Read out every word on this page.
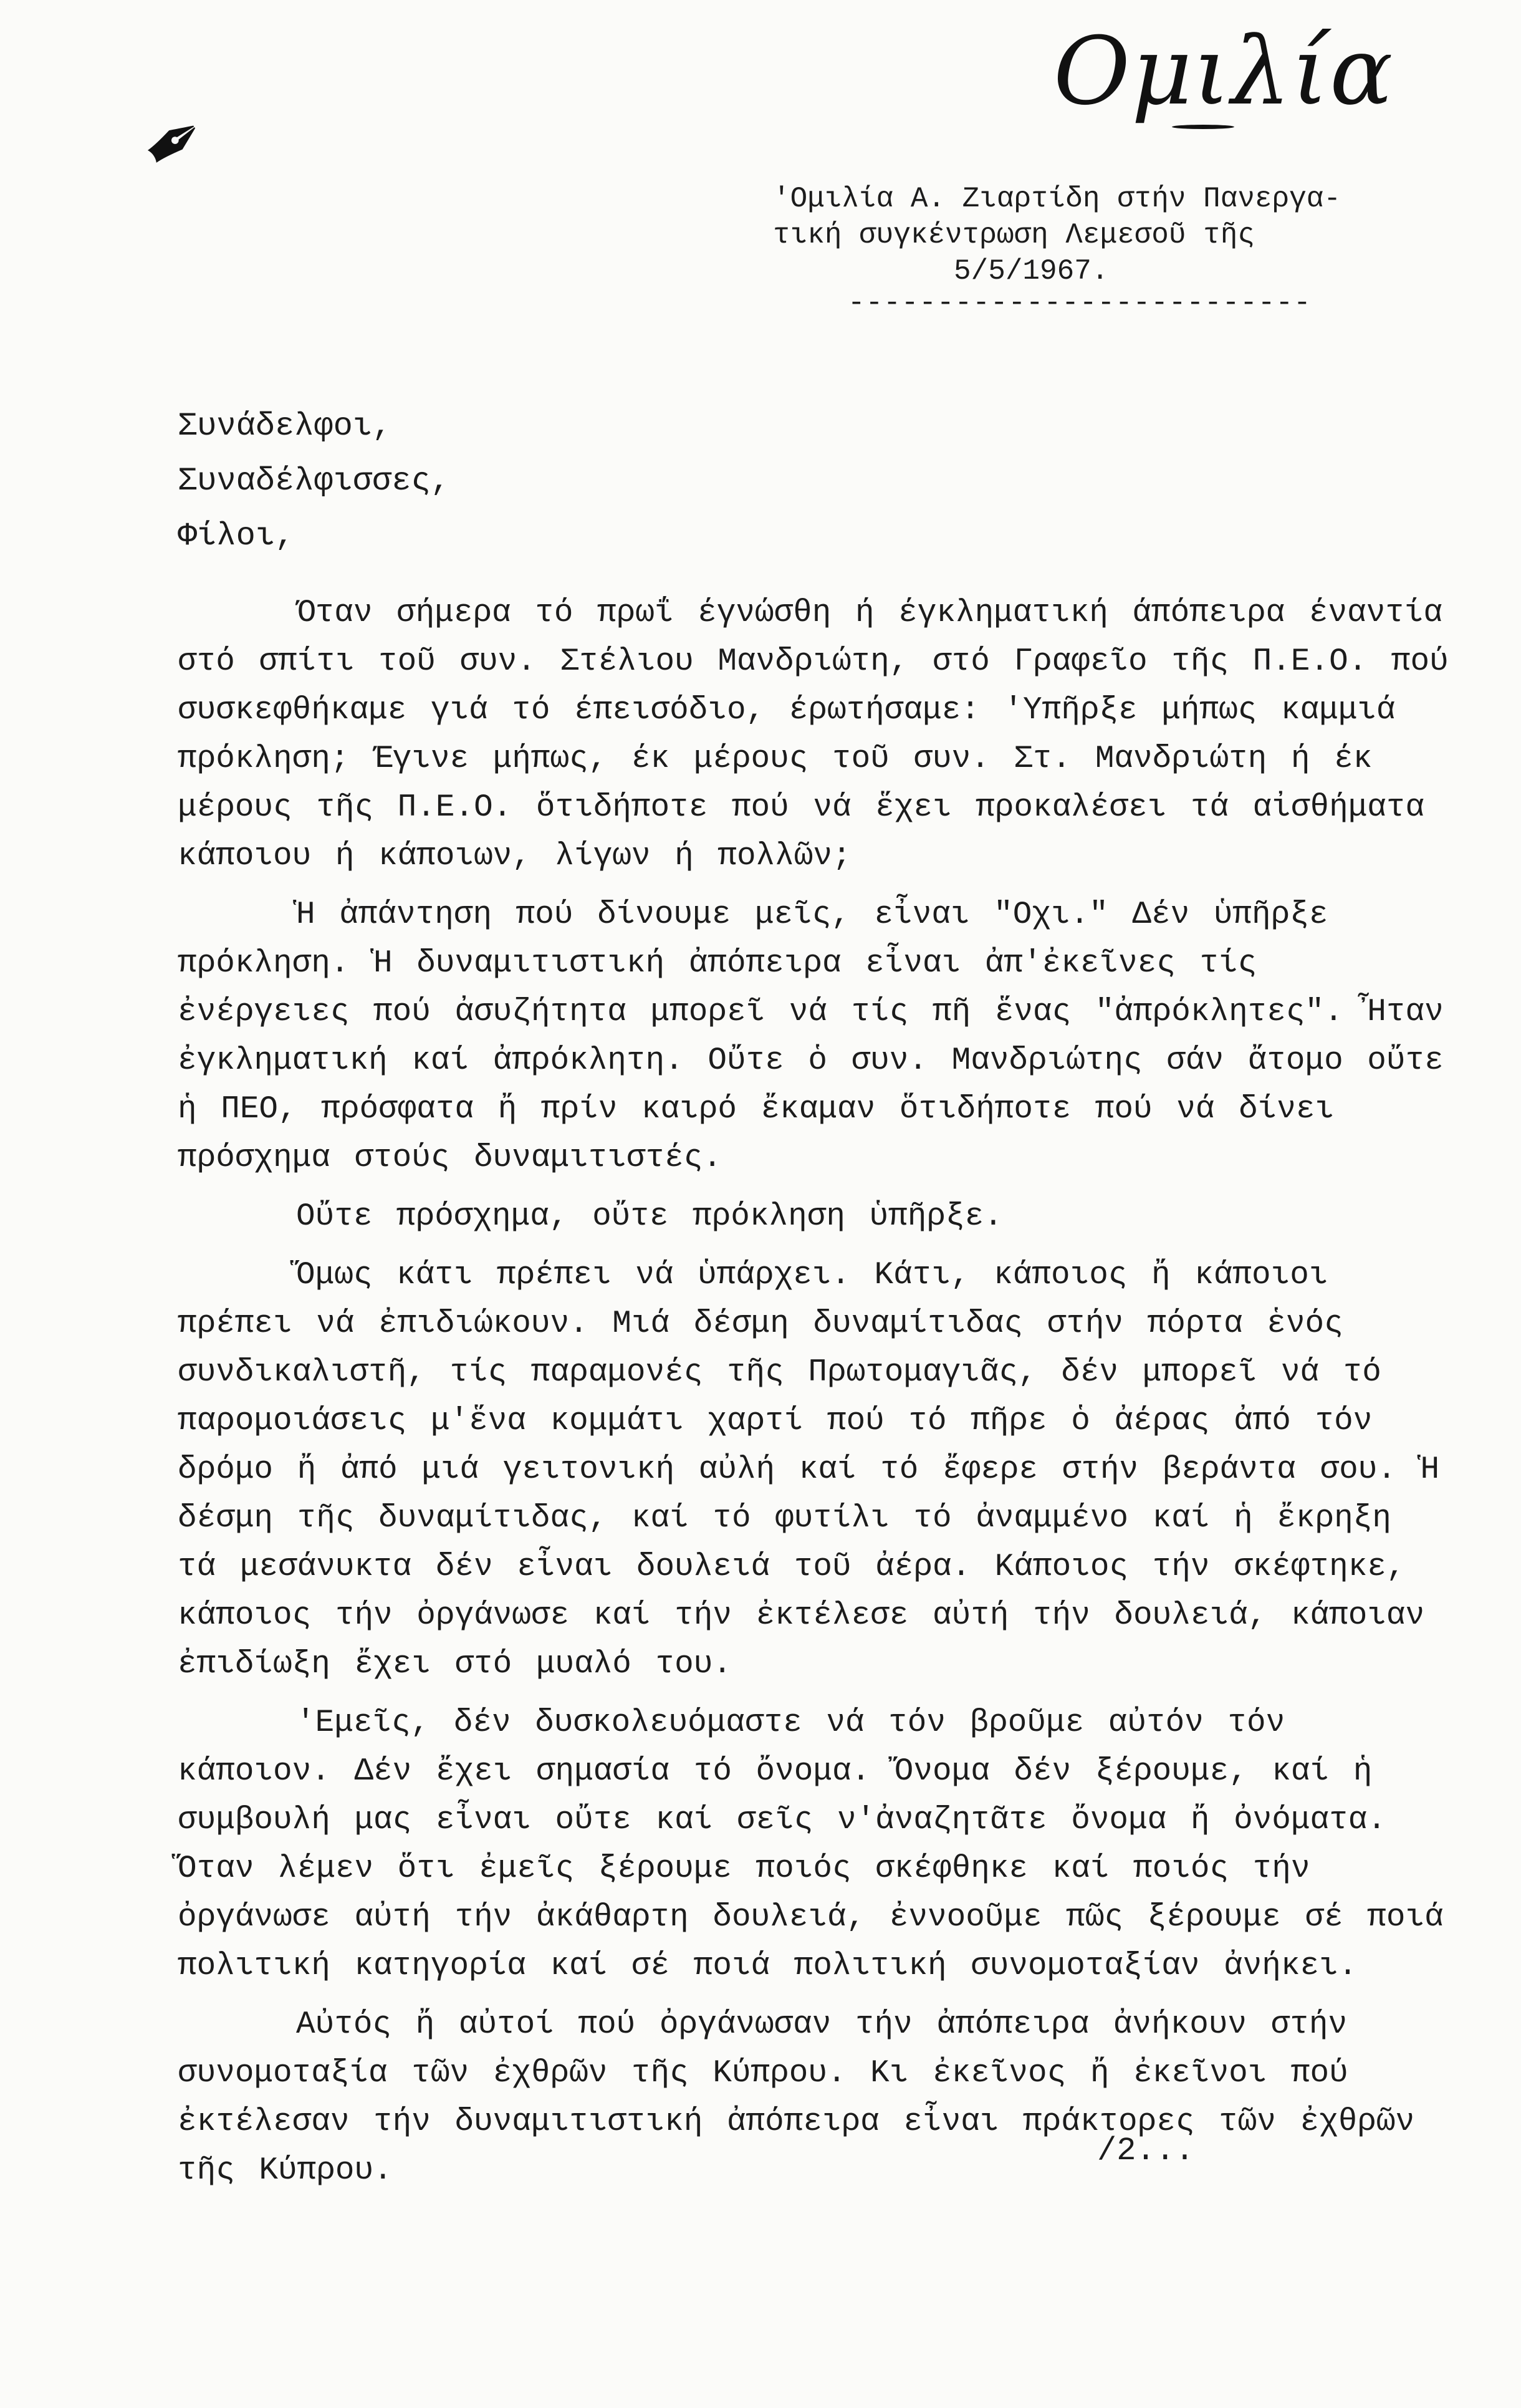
✒
Ομιλία
'Ομιλία Α. Ζιαρτίδη στήν Πανεργα-
τική συγκέντρωση Λεμεσοῦ τῆς

5/5/1967.
--------------------------
Συνάδελφοι,
Συναδέλφισσες,
Φίλοι,

Όταν σήμερα τό πρωΐ έγνώσθη ή έγκληματική άπόπειρα έναντία στό σπίτι τοῦ συν. Στέλιου Μανδριώτη, στό Γραφεῖο τῆς Π.Ε.Ο. πού συσκεφθήκαμε γιά τό έπεισόδιο, έρωτήσαμε: 'Υπῆρξε μήπως καμμιά πρόκληση; Έγινε μήπως, έκ μέρους τοῦ συν. Στ. Μανδριώτη ή έκ μέρους τῆς Π.Ε.Ο. ὅτιδήποτε πού νά ἕχει προκαλέσει τά αἰσθήματα κάποιου ή κάποιων, λίγων ή πολλῶν;

Ἡ ἀπάντηση πού δίνουμε μεῖς, εἶναι "Οχι." Δέν ὑπῆρξε πρόκληση. Ἡ δυναμιτιστική ἀπόπειρα εἶναι ἀπ'ἐκεῖνες τίς ἐνέργειες πού ἀσυζήτητα μπορεῖ νά τίς πῆ ἕνας "ἀπρόκλητες". Ἦταν ἐγκληματική καί ἀπρόκλητη. Οὔτε ὁ συν. Μανδριώτης σάν ἄτομο οὔτε ἡ ΠΕΟ, πρόσφατα ἤ πρίν καιρό ἔκαμαν ὅτιδήποτε πού νά δίνει πρόσχημα στούς δυναμιτιστές.

Οὔτε πρόσχημα, οὔτε πρόκληση ὑπῆρξε.

Ὅμως κάτι πρέπει νά ὑπάρχει. Κάτι, κάποιος ἤ κάποιοι πρέπει νά ἐπιδιώκουν. Μιά δέσμη δυναμίτιδας στήν πόρτα ἑνός συνδικαλιστῆ, τίς παραμονές τῆς Πρωτομαγιᾶς, δέν μπορεῖ νά τό παρομοιάσεις μ'ἕνα κομμάτι χαρτί πού τό πῆρε ὁ ἀέρας ἀπό τόν δρόμο ἤ ἀπό μιά γειτονική αὐλή καί τό ἔφερε στήν βεράντα σου. Ἡ δέσμη τῆς δυναμίτιδας, καί τό φυτίλι τό ἀναμμένο καί ἡ ἔκρηξη τά μεσάνυκτα δέν εἶναι δουλειά τοῦ ἀέρα. Κάποιος τήν σκέφτηκε, κάποιος τήν ὀργάνωσε καί τήν ἐκτέλεσε αὐτή τήν δουλειά, κάποιαν ἐπιδίωξη ἔχει στό μυαλό του.

'Εμεῖς, δέν δυσκολευόμαστε νά τόν βροῦμε αὐτόν τόν κάποιον. Δέν ἔχει σημασία τό ὄνομα. Ὄνομα δέν ξέρουμε, καί ἡ συμβουλή μας εἶναι οὔτε καί σεῖς ν'ἀναζητᾶτε ὄνομα ἤ ὀνόματα. Ὅταν λέμεν ὅτι ἐμεῖς ξέρουμε ποιός σκέφθηκε καί ποιός τήν ὀργάνωσε αὐτή τήν ἀκάθαρτη δουλειά, ἐννοοῦμε πῶς ξέρουμε σέ ποιά πολιτική κατηγορία καί σέ ποιά πολιτική συνομοταξίαν ἀνήκει.

Αὐτός ἤ αὐτοί πού ὀργάνωσαν τήν ἀπόπειρα ἀνήκουν στήν συνομοταξία τῶν ἐχθρῶν τῆς Κύπρου. Κι ἐκεῖνος ἤ ἐκεῖνοι πού ἐκτέλεσαν τήν δυναμιτιστική ἀπόπειρα εἶναι πράκτορες τῶν ἐχθρῶν τῆς Κύπρου.

/2...
